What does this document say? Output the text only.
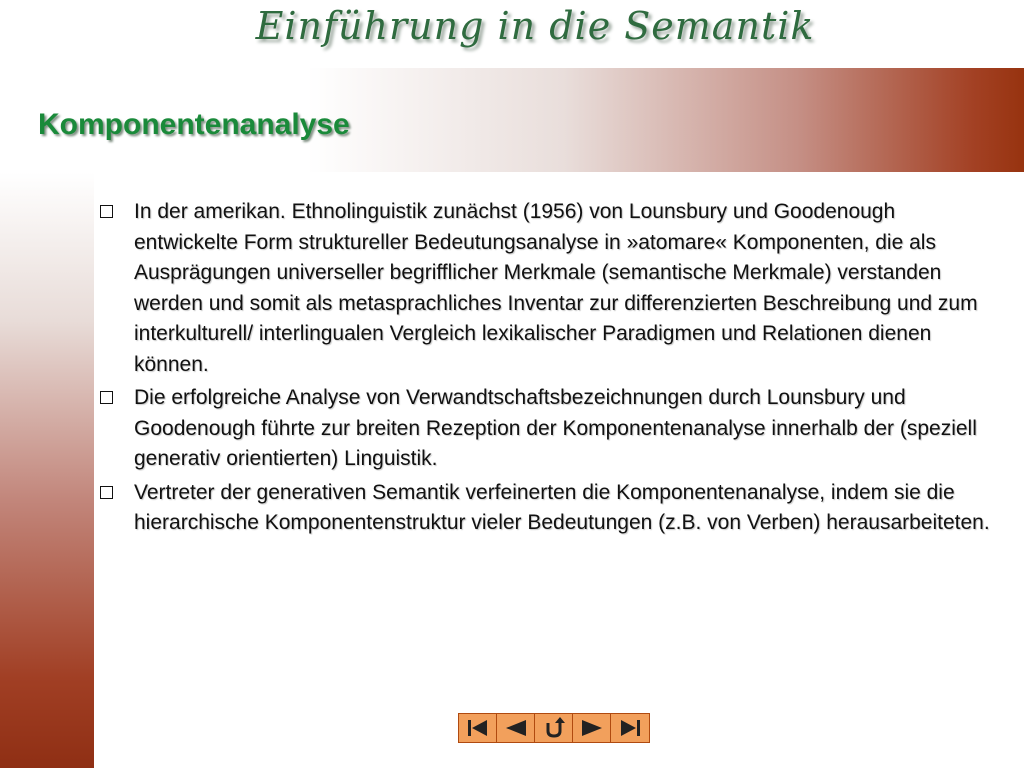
Einführung in die Semantik
Komponentenanalyse
In der amerikan. Ethnolinguistik zunächst (1956) von Lounsbury und Goodenough entwickelte Form struktureller Bedeutungsanalyse in »atomare« Komponenten, die als Ausprägungen universeller begrifflicher Merkmale (semantische Merkmale) verstanden werden und somit als metasprachliches Inventar zur differenzierten Beschreibung und zum interkulturell/ interlingualen Vergleich lexikalischer Paradigmen und Relationen dienen können.
Die erfolgreiche Analyse von Verwandtschaftsbezeichnungen durch Lounsbury und Goodenough führte zur breiten Rezeption der Komponentenanalyse innerhalb der (speziell generativ orientierten) Linguistik.
Vertreter der generativen Semantik verfeinerten die Komponentenanalyse, indem sie die hierarchische Komponentenstruktur vieler Bedeutungen (z.B. von Verben) herausarbeiteten.
